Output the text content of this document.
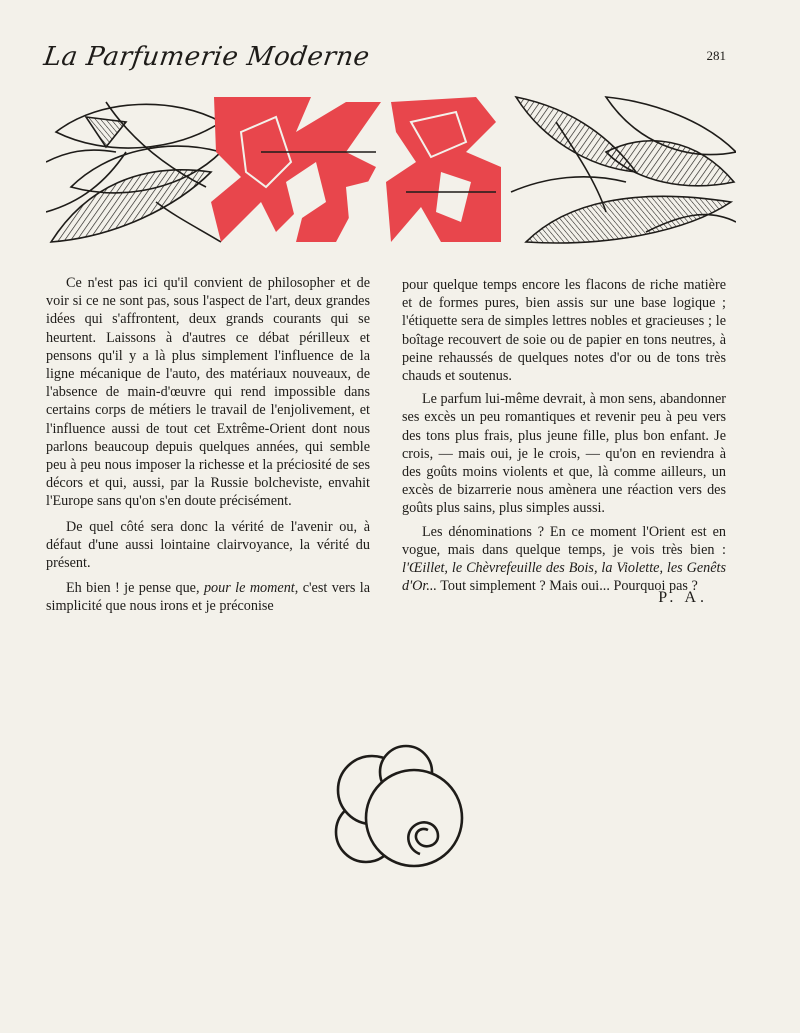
La Parfumerie Moderne	281

Ce n'est pas ici qu'il convient de philosopher et de voir si ce ne sont pas, sous l'aspect de l'art, deux grandes idées qui s'affrontent, deux grands courants qui se heurtent. Laissons à d'autres ce débat périlleux et pensons qu'il y a là plus simplement l'influence de la ligne mécanique de l'auto, des matériaux nouveaux, de l'absence de main-d'œuvre qui rend impossible dans certains corps de métiers le travail de l'enjolivement, et l'influence aussi de tout cet Extrême-Orient dont nous parlons beaucoup depuis quelques années, qui semble peu à peu nous imposer la richesse et la préciosité de ses décors et qui, aussi, par la Russie bolcheviste, envahit l'Europe sans qu'on s'en doute précisément.

De quel côté sera donc la vérité de l'avenir ou, à défaut d'une aussi lointaine clairvoyance, la vérité du présent.

Eh bien ! je pense que, pour le moment, c'est vers la simplicité que nous irons et je préconise

pour quelque temps encore les flacons de riche matière et de formes pures, bien assis sur une base logique ; l'étiquette sera de simples lettres nobles et gracieuses ; le boîtage recouvert de soie ou de papier en tons neutres, à peine rehaussés de quelques notes d'or ou de tons très chauds et soutenus.

Le parfum lui-même devrait, à mon sens, abandonner ses excès un peu romantiques et revenir peu à peu vers des tons plus frais, plus jeune fille, plus bon enfant. Je crois, — mais oui, je le crois, — qu'on en reviendra à des goûts moins violents et que, là comme ailleurs, un excès de bizarrerie nous amènera une réaction vers des goûts plus sains, plus simples aussi.

Les dénominations ? En ce moment l'Orient est en vogue, mais dans quelque temps, je vois très bien : l'Œillet, le Chèvrefeuille des Bois, la Violette, les Genêts d'Or... Tout simplement ? Mais oui... Pourquoi pas ?

P. A.
